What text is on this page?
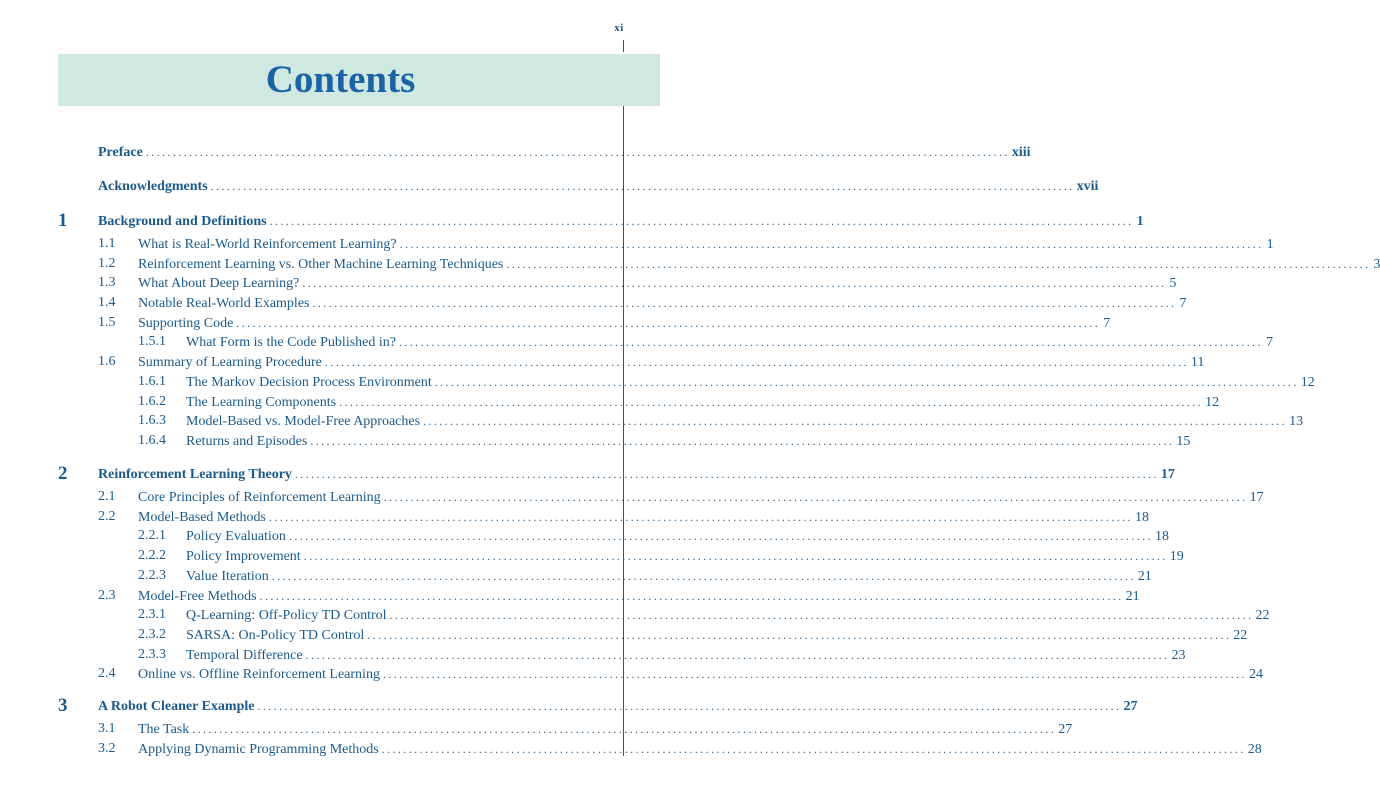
xi
Contents
Preface ................................................................................................................................................................ xiii
Acknowledgments ................................................................................................................................................................ xvii
1	Background and Definitions ................................................................................................................................................................ 1
1.1 What is Real-World Reinforcement Learning? ................................................................................................................................................................ 1
1.2 Reinforcement Learning vs. Other Machine Learning Techniques ................................................................................................................................................................ 3
1.3 What About Deep Learning? ................................................................................................................................................................ 5
1.4 Notable Real-World Examples ................................................................................................................................................................ 7
1.5 Supporting Code ................................................................................................................................................................ 7
1.5.1 What Form is the Code Published in? ................................................................................................................................................................ 7
1.6 Summary of Learning Procedure ................................................................................................................................................................ 11
1.6.1 The Markov Decision Process Environment ................................................................................................................................................................ 12
1.6.2 The Learning Components ................................................................................................................................................................ 12
1.6.3 Model-Based vs. Model-Free Approaches ................................................................................................................................................................ 13
1.6.4 Returns and Episodes ................................................................................................................................................................ 15
2	Reinforcement Learning Theory ................................................................................................................................................................ 17
2.1 Core Principles of Reinforcement Learning ................................................................................................................................................................ 17
2.2 Model-Based Methods ................................................................................................................................................................ 18
2.2.1 Policy Evaluation ................................................................................................................................................................ 18
2.2.2 Policy Improvement ................................................................................................................................................................ 19
2.2.3 Value Iteration ................................................................................................................................................................ 21
2.3 Model-Free Methods ................................................................................................................................................................ 21
2.3.1 Q-Learning: Off-Policy TD Control ................................................................................................................................................................ 22
2.3.2 SARSA: On-Policy TD Control ................................................................................................................................................................ 22
2.3.3 Temporal Difference ................................................................................................................................................................ 23
2.4 Online vs. Offline Reinforcement Learning ................................................................................................................................................................ 24
3	A Robot Cleaner Example ................................................................................................................................................................ 27
3.1 The Task ................................................................................................................................................................ 27
3.2 Applying Dynamic Programming Methods ................................................................................................................................................................ 28
